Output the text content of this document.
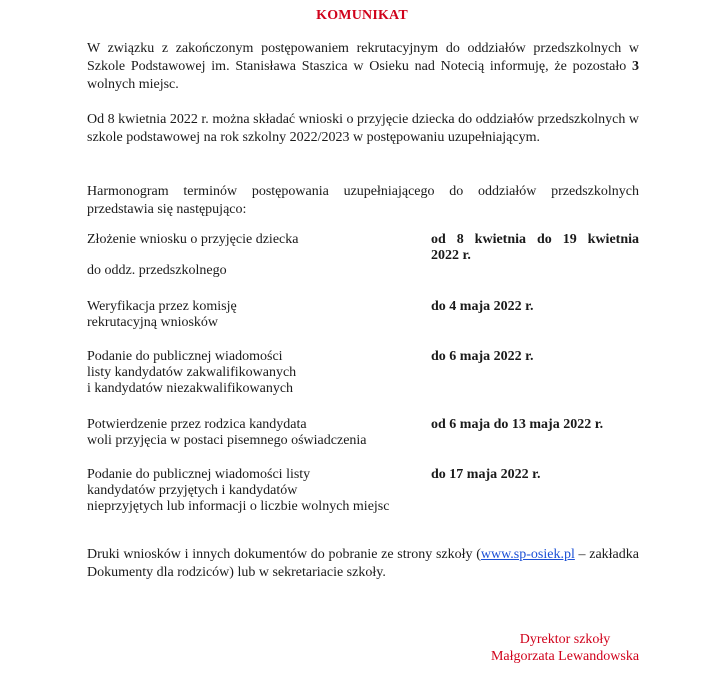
KOMUNIKAT

W związku z zakończonym postępowaniem rekrutacyjnym do oddziałów przedszkolnych w Szkole Podstawowej im. Stanisława Staszica w Osieku nad Notecią informuję, że pozostało 3 wolnych miejsc.

Od 8 kwietnia 2022 r. można składać wnioski o przyjęcie dziecka do oddziałów przedszkolnych w szkole podstawowej na rok szkolny 2022/2023 w postępowaniu uzupełniającym.

Harmonogram terminów postępowania uzupełniającego do oddziałów przedszkolnych przedstawia się następująco:

Złożenie wniosku o przyjęcie dziecka
do oddz. przedszkolnego
od 8 kwietnia do 19 kwietnia
2022 r.
Weryfikacja przez komisję
rekrutacyjną wniosków
do 4 maja 2022 r.
Podanie do publicznej wiadomości
listy kandydatów zakwalifikowanych
i kandydatów niezakwalifikowanych
do 6 maja 2022 r.
Potwierdzenie przez rodzica kandydata
woli przyjęcia w postaci pisemnego oświadczenia
od 6 maja do 13 maja 2022 r.
Podanie do publicznej wiadomości listy
kandydatów przyjętych i kandydatów
nieprzyjętych lub informacji o liczbie wolnych miejsc
do 17 maja 2022 r.

Druki wniosków i innych dokumentów do pobranie ze strony szkoły (www.sp-osiek.pl – zakładka Dokumenty dla rodziców) lub w sekretariacie szkoły.

Dyrektor szkoły
Małgorzata Lewandowska
